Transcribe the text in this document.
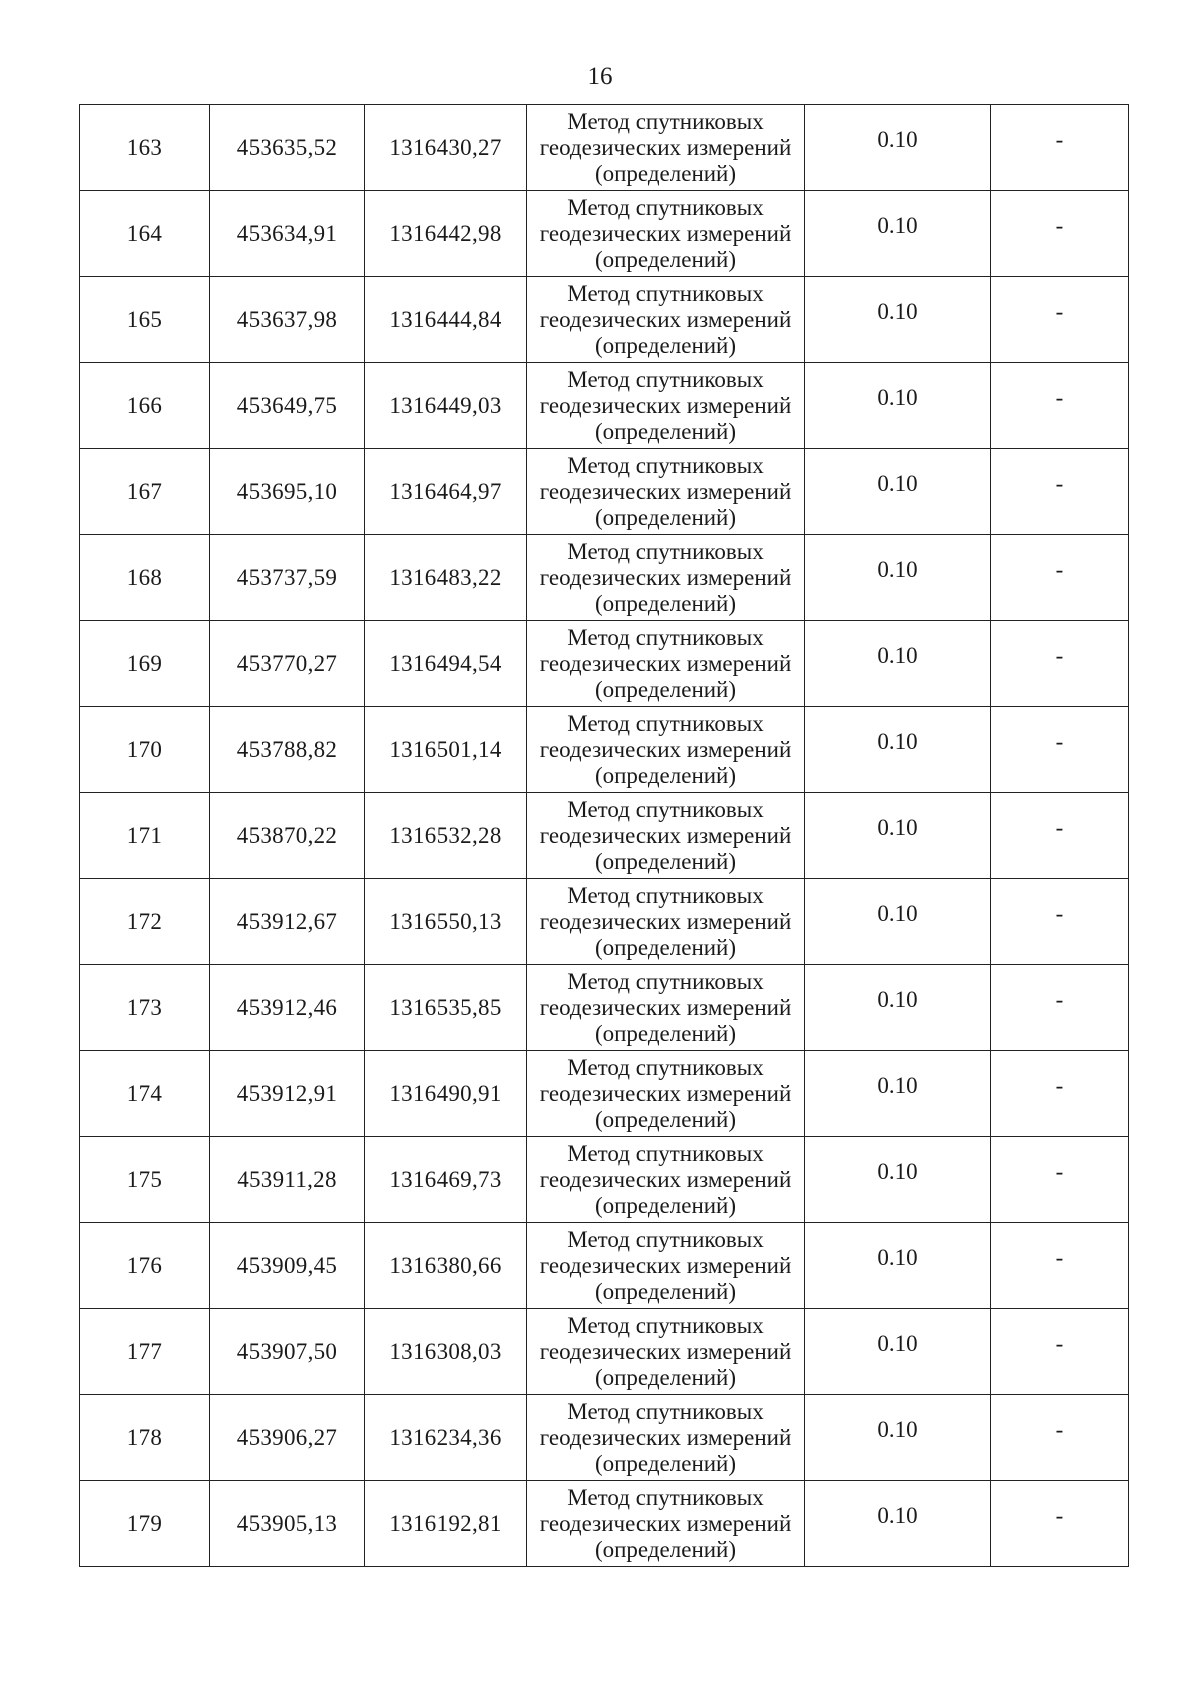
16
163	453635,52	1316430,27	Метод спутниковых
геодезических измерений
(определений)	0.10	-
164	453634,91	1316442,98	Метод спутниковых
геодезических измерений
(определений)	0.10	-
165	453637,98	1316444,84	Метод спутниковых
геодезических измерений
(определений)	0.10	-
166	453649,75	1316449,03	Метод спутниковых
геодезических измерений
(определений)	0.10	-
167	453695,10	1316464,97	Метод спутниковых
геодезических измерений
(определений)	0.10	-
168	453737,59	1316483,22	Метод спутниковых
геодезических измерений
(определений)	0.10	-
169	453770,27	1316494,54	Метод спутниковых
геодезических измерений
(определений)	0.10	-
170	453788,82	1316501,14	Метод спутниковых
геодезических измерений
(определений)	0.10	-
171	453870,22	1316532,28	Метод спутниковых
геодезических измерений
(определений)	0.10	-
172	453912,67	1316550,13	Метод спутниковых
геодезических измерений
(определений)	0.10	-
173	453912,46	1316535,85	Метод спутниковых
геодезических измерений
(определений)	0.10	-
174	453912,91	1316490,91	Метод спутниковых
геодезических измерений
(определений)	0.10	-
175	453911,28	1316469,73	Метод спутниковых
геодезических измерений
(определений)	0.10	-
176	453909,45	1316380,66	Метод спутниковых
геодезических измерений
(определений)	0.10	-
177	453907,50	1316308,03	Метод спутниковых
геодезических измерений
(определений)	0.10	-
178	453906,27	1316234,36	Метод спутниковых
геодезических измерений
(определений)	0.10	-
179	453905,13	1316192,81	Метод спутниковых
геодезических измерений
(определений)	0.10	-
